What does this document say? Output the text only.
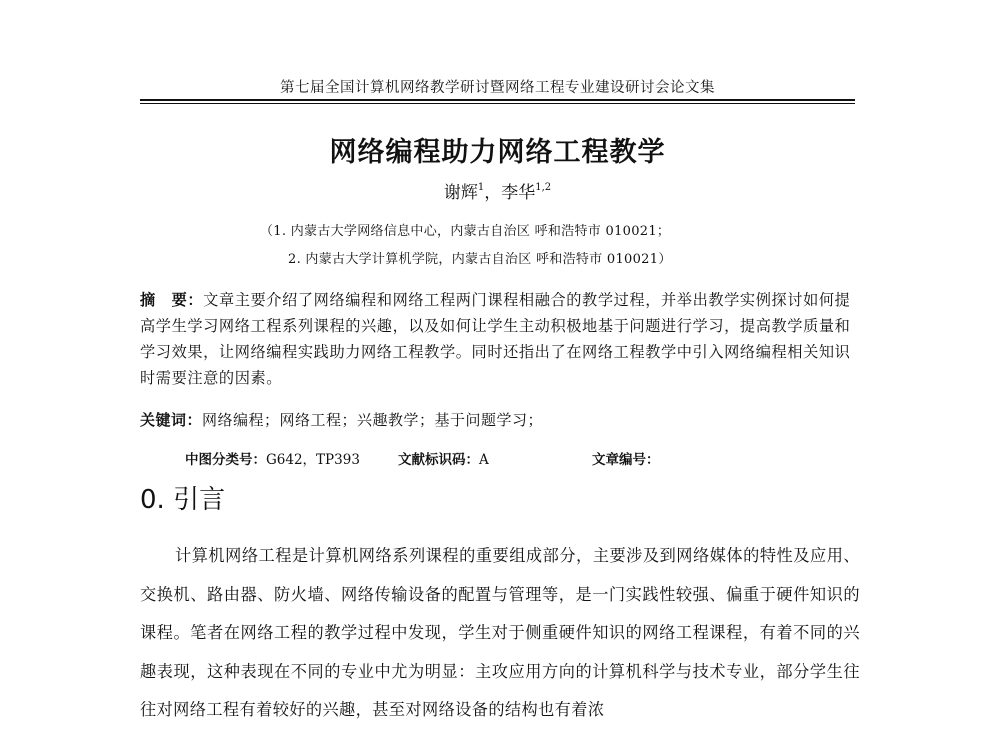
第七届全国计算机网络教学研讨暨网络工程专业建设研讨会论文集
网络编程助力网络工程教学
谢辉$^1$，李华$^{1,2}$
（1. 内蒙古大学网络信息中心，内蒙古自治区 呼和浩特市 010021；
2. 内蒙古大学计算机学院，内蒙古自治区 呼和浩特市 010021）
摘　要：文章主要介绍了网络编程和网络工程两门课程相融合的教学过程，并举出教学实例探讨如何提高学生学习网络工程系列课程的兴趣，以及如何让学生主动积极地基于问题进行学习，提高教学质量和学习效果，让网络编程实践助力网络工程教学。同时还指出了在网络工程教学中引入网络编程相关知识时需要注意的因素。
关键词：网络编程；网络工程；兴趣教学；基于问题学习；
中图分类号：G642，TP393	文献标识码：A	文章编号：
0. 引言
计算机网络工程是计算机网络系列课程的重要组成部分，主要涉及到网络媒体的特性及应用、交换机、路由器、防火墙、网络传输设备的配置与管理等，是一门实践性较强、偏重于硬件知识的课程。笔者在网络工程的教学过程中发现，学生对于侧重硬件知识的网络工程课程，有着不同的兴趣表现，这种表现在不同的专业中尤为明显：主攻应用方向的计算机科学与技术专业，部分学生往往对网络工程有着较好的兴趣，甚至对网络设备的结构也有着浓
